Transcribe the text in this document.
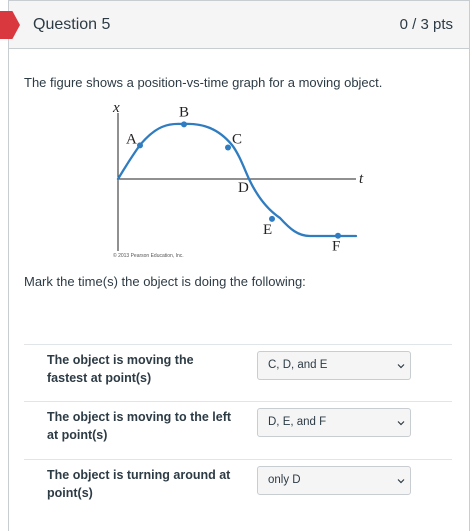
Question 5	0 / 3 pts
The figure shows a position-vs-time graph for a moving object.
x
t
A
B
C
D
E
F
© 2013 Pearson Education, Inc.
Mark the time(s) the object is doing the following:
The object is moving the fastest at point(s)
C, D, and E
The object is moving to the left at point(s)
D, E, and F
The object is turning around at point(s)
only D
